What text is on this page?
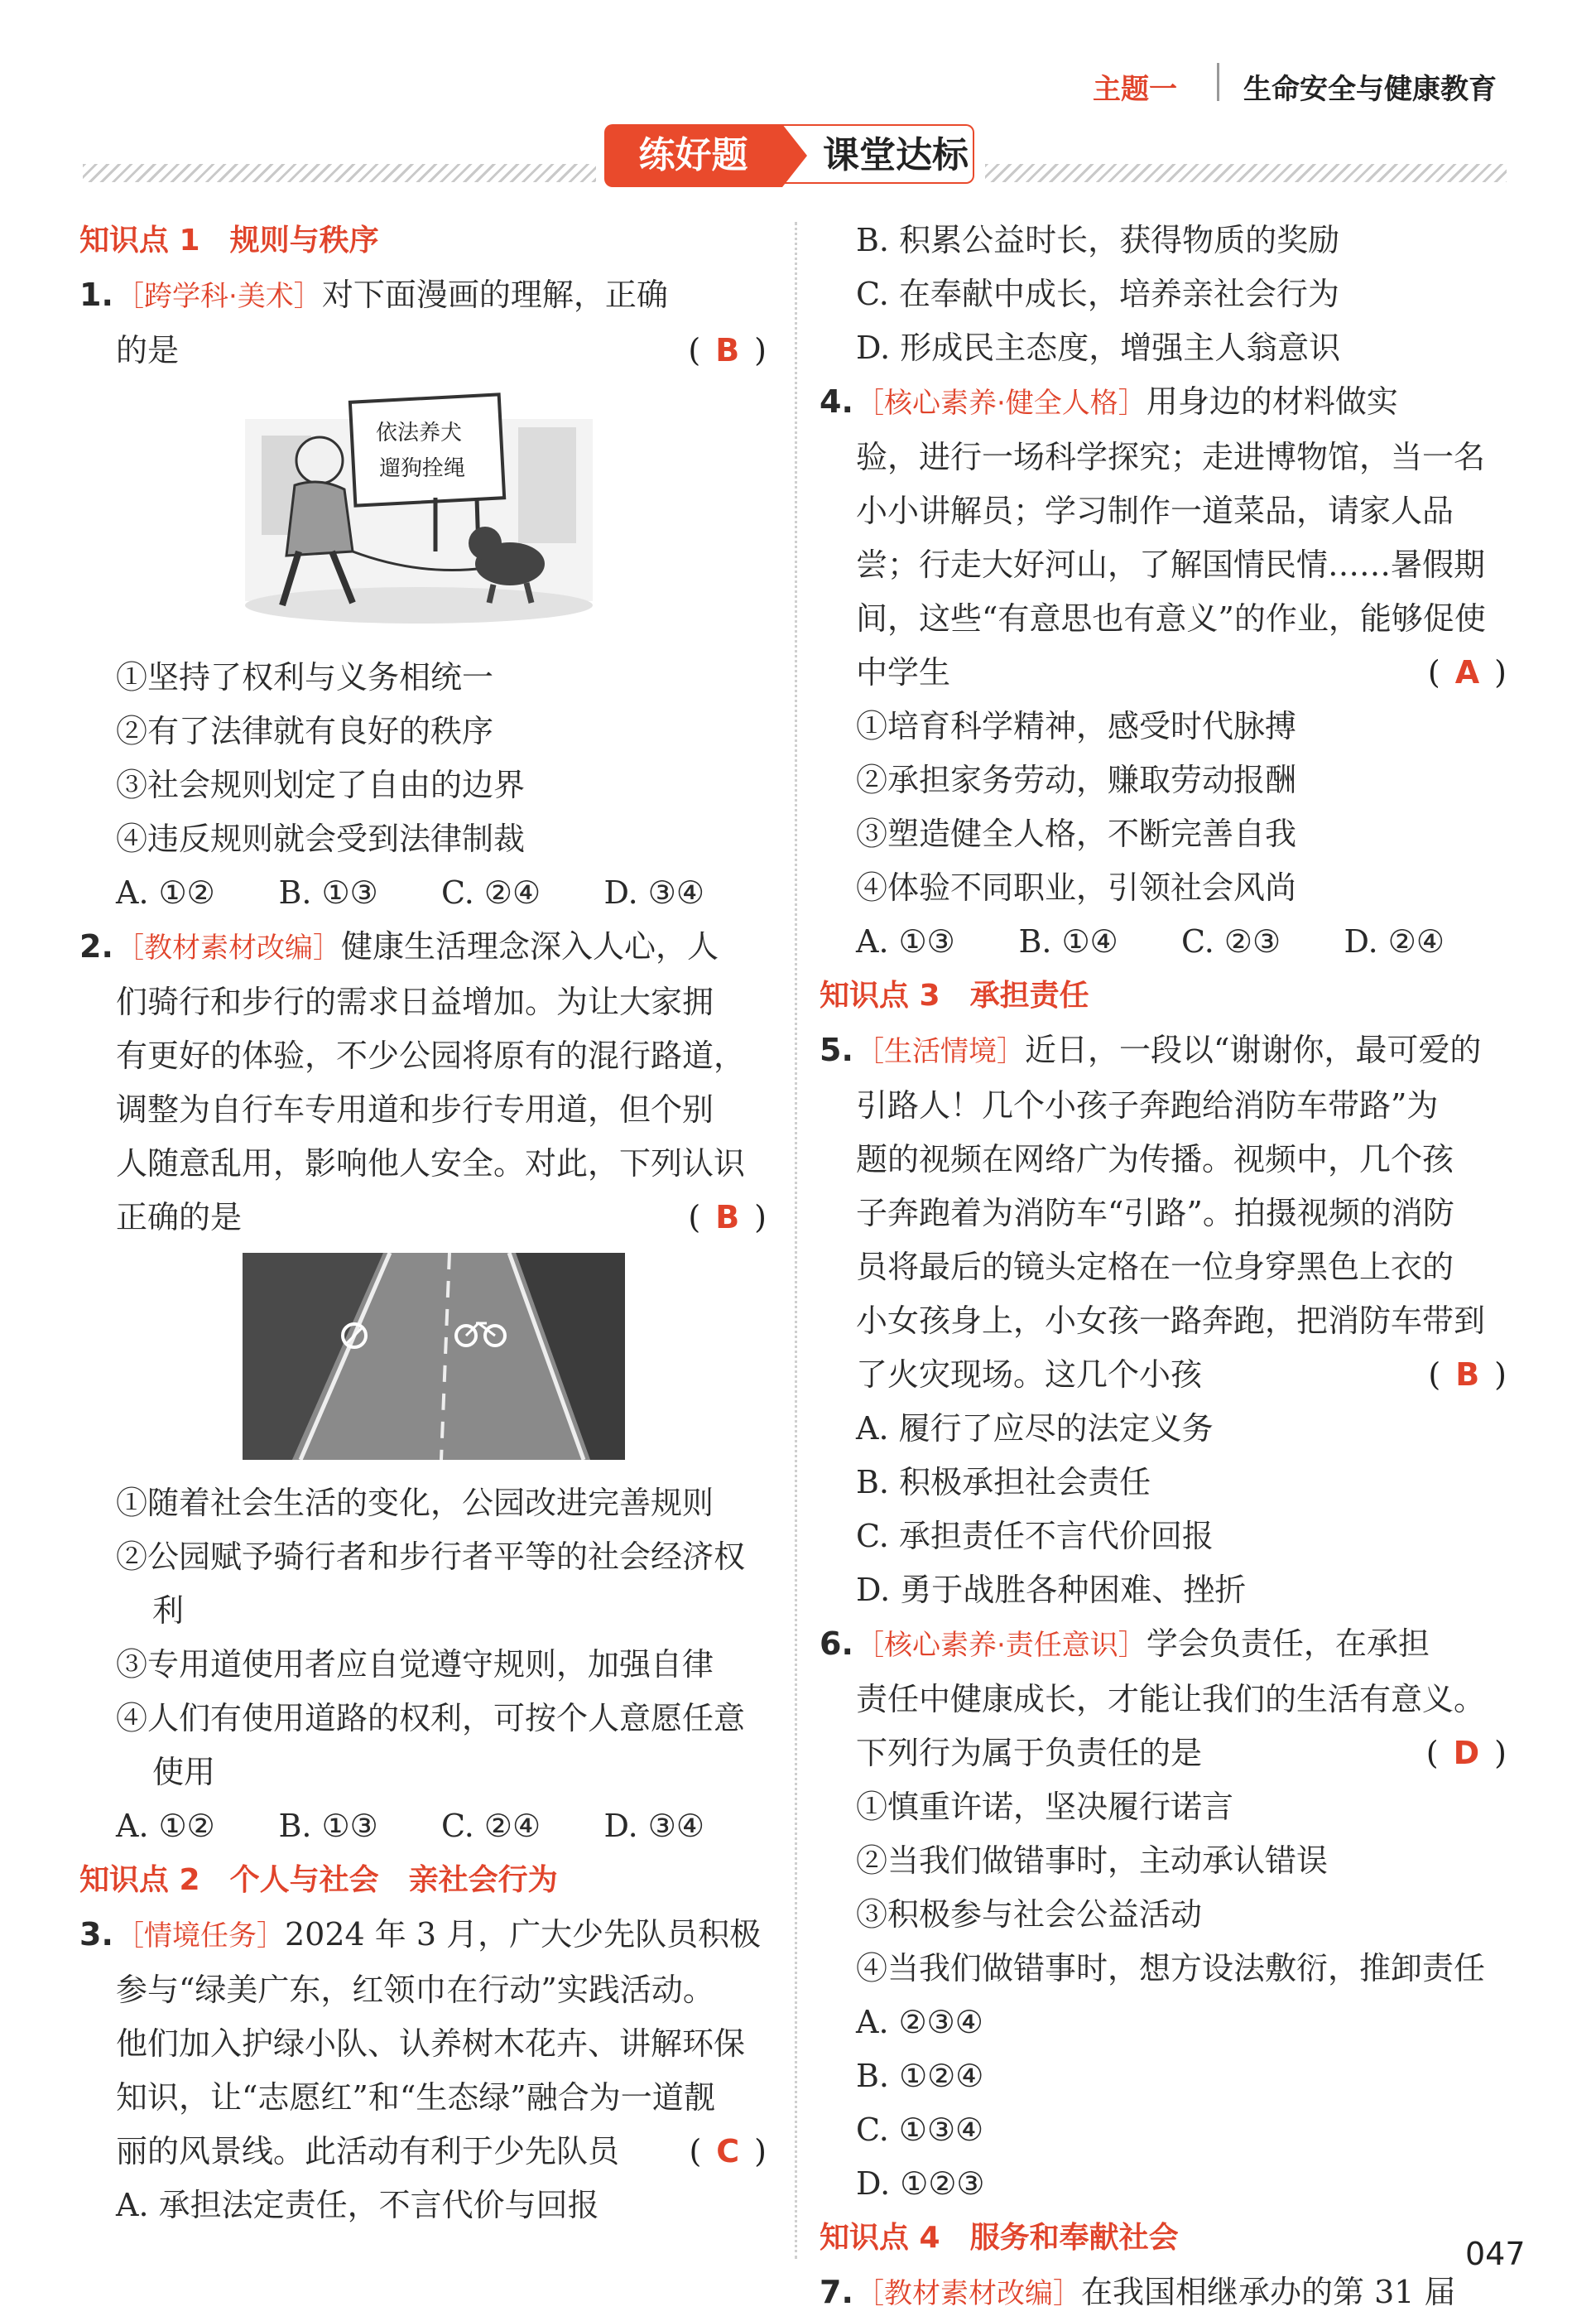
主题一 生命安全与健康教育
课堂达标
练好题
知识点 1　规则与秩序
1. ［跨学科·美术］对下面漫画的理解，正确
的是	( B )
依法养犬
遛狗拴绳
①坚持了权利与义务相统一
②有了法律就有良好的秩序
③社会规则划定了自由的边界
④违反规则就会受到法律制裁
A. ①②	B. ①③	C. ②④	D. ③④
2. ［教材素材改编］健康生活理念深入人心，人
们骑行和步行的需求日益增加。为让大家拥
有更好的体验，不少公园将原有的混行路道，
调整为自行车专用道和步行专用道，但个别
人随意乱用，影响他人安全。对此，下列认识
正确的是	( B )
①随着社会生活的变化，公园改进完善规则
②公园赋予骑行者和步行者平等的社会经济权利
③专用道使用者应自觉遵守规则，加强自律
④人们有使用道路的权利，可按个人意愿任意使用
A. ①②	B. ①③	C. ②④	D. ③④
知识点 2　个人与社会　亲社会行为
3. ［情境任务］2024 年 3 月，广大少先队员积极
参与“绿美广东，红领巾在行动”实践活动。
他们加入护绿小队、认养树木花卉、讲解环保
知识，让“志愿红”和“生态绿”融合为一道靓
丽的风景线。此活动有利于少先队员 ( C )
A. 承担法定责任，不言代价与回报
B. 积累公益时长，获得物质的奖励
C. 在奉献中成长，培养亲社会行为
D. 形成民主态度，增强主人翁意识
4. ［核心素养·健全人格］用身边的材料做实
验，进行一场科学探究；走进博物馆，当一名
小小讲解员；学习制作一道菜品，请家人品
尝；行走大好河山，了解国情民情……暑假期
间，这些“有意思也有意义”的作业，能够促使
中学生	( A )
①培育科学精神，感受时代脉搏
②承担家务劳动，赚取劳动报酬
③塑造健全人格，不断完善自我
④体验不同职业，引领社会风尚
A. ①③	B. ①④	C. ②③	D. ②④
知识点 3　承担责任
5. ［生活情境］近日，一段以“谢谢你，最可爱的
引路人！几个小孩子奔跑给消防车带路”为
题的视频在网络广为传播。视频中，几个孩
子奔跑着为消防车“引路”。拍摄视频的消防
员将最后的镜头定格在一位身穿黑色上衣的
小女孩身上，小女孩一路奔跑，把消防车带到
了火灾现场。这几个小孩	( B )
A. 履行了应尽的法定义务
B. 积极承担社会责任
C. 承担责任不言代价回报
D. 勇于战胜各种困难、挫折
6. ［核心素养·责任意识］学会负责任，在承担
责任中健康成长，才能让我们的生活有意义。
下列行为属于负责任的是	( D )
①慎重许诺，坚决履行诺言
②当我们做错事时，主动承认错误
③积极参与社会公益活动
④当我们做错事时，想方设法敷衍，推卸责任
A. ②③④
B. ①②④
C. ①③④
D. ①②③
知识点 4　服务和奉献社会
7. ［教材素材改编］在我国相继承办的第 31 届
047
